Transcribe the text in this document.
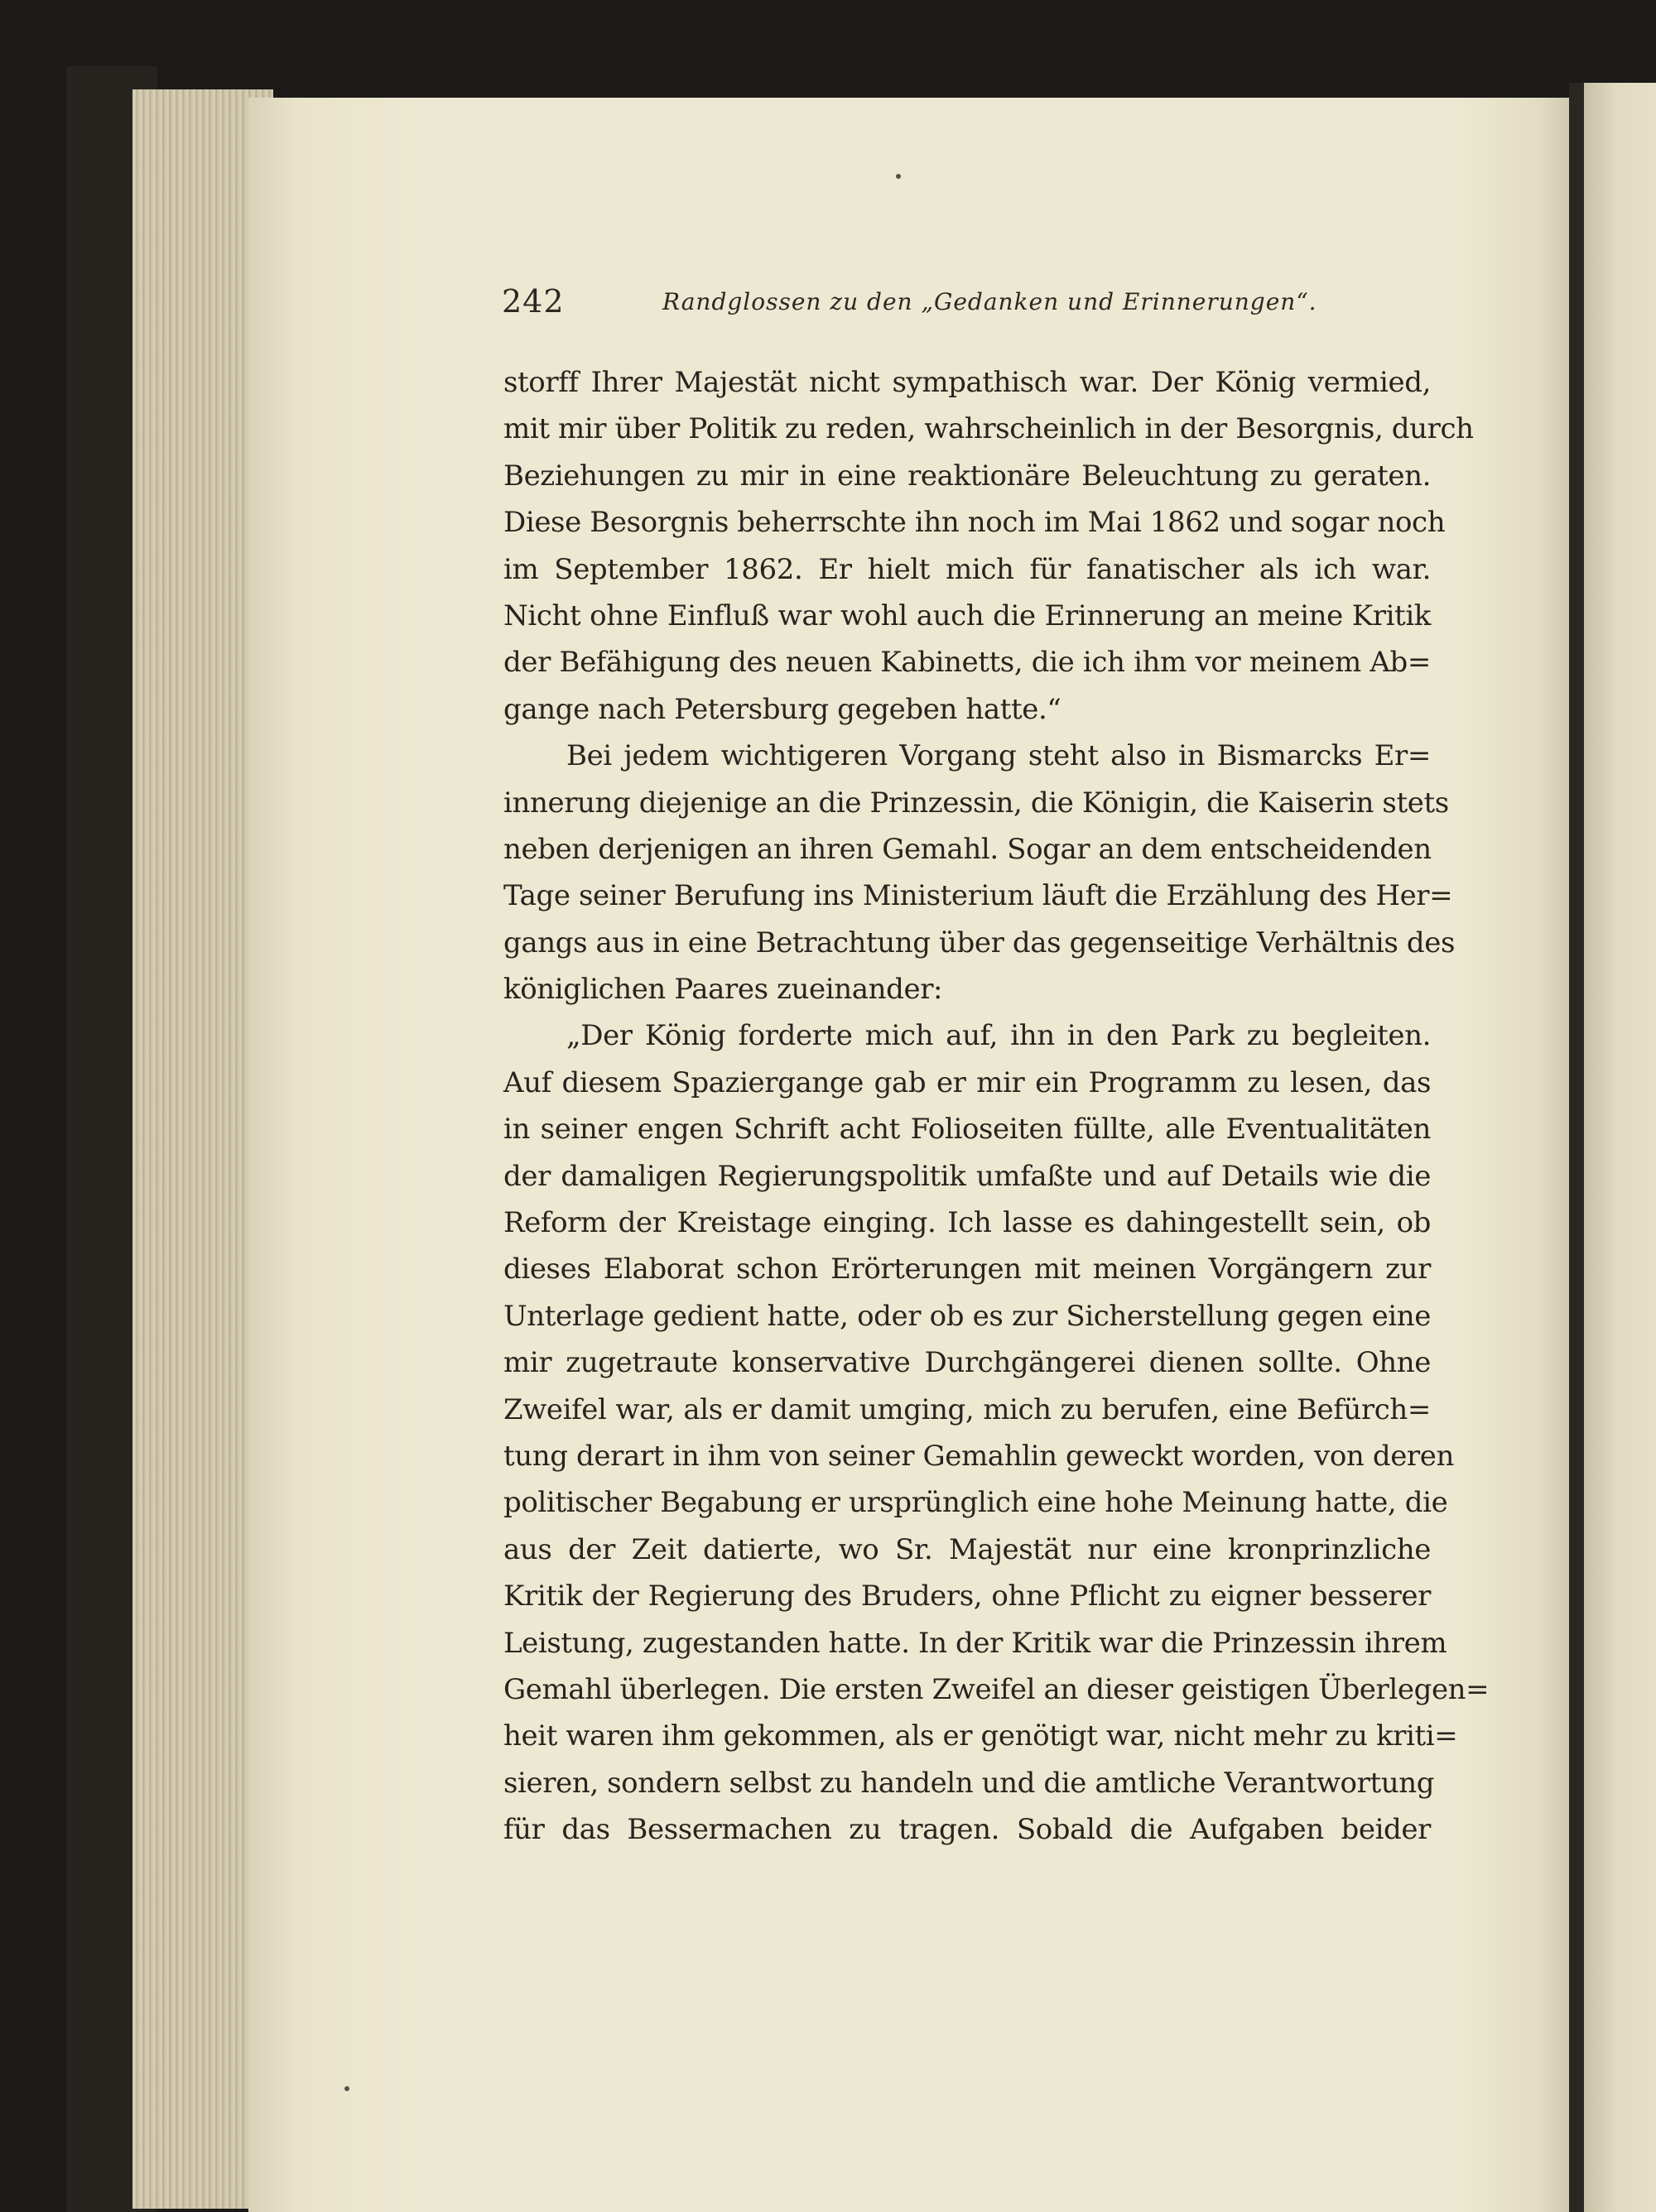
242	Randglossen zu den „Gedanken und Erinnerungen“.
storff Ihrer Majestät nicht sympathisch war. Der König vermied,
mit mir über Politik zu reden, wahrscheinlich in der Besorgnis, durch
Beziehungen zu mir in eine reaktionäre Beleuchtung zu geraten.
Diese Besorgnis beherrschte ihn noch im Mai 1862 und sogar noch
im September 1862. Er hielt mich für fanatischer als ich war.
Nicht ohne Einfluß war wohl auch die Erinnerung an meine Kritik
der Befähigung des neuen Kabinetts, die ich ihm vor meinem Ab=
gange nach Petersburg gegeben hatte.“
Bei jedem wichtigeren Vorgang steht also in Bismarcks Er=
innerung diejenige an die Prinzessin, die Königin, die Kaiserin stets
neben derjenigen an ihren Gemahl. Sogar an dem entscheidenden
Tage seiner Berufung ins Ministerium läuft die Erzählung des Her=
gangs aus in eine Betrachtung über das gegenseitige Verhältnis des
königlichen Paares zueinander:
„Der König forderte mich auf, ihn in den Park zu begleiten.
Auf diesem Spaziergange gab er mir ein Programm zu lesen, das
in seiner engen Schrift acht Folioseiten füllte, alle Eventualitäten
der damaligen Regierungspolitik umfaßte und auf Details wie die
Reform der Kreistage einging. Ich lasse es dahingestellt sein, ob
dieses Elaborat schon Erörterungen mit meinen Vorgängern zur
Unterlage gedient hatte, oder ob es zur Sicherstellung gegen eine
mir zugetraute konservative Durchgängerei dienen sollte. Ohne
Zweifel war, als er damit umging, mich zu berufen, eine Befürch=
tung derart in ihm von seiner Gemahlin geweckt worden, von deren
politischer Begabung er ursprünglich eine hohe Meinung hatte, die
aus der Zeit datierte, wo Sr. Majestät nur eine kronprinzliche
Kritik der Regierung des Bruders, ohne Pflicht zu eigner besserer
Leistung, zugestanden hatte. In der Kritik war die Prinzessin ihrem
Gemahl überlegen. Die ersten Zweifel an dieser geistigen Überlegen=
heit waren ihm gekommen, als er genötigt war, nicht mehr zu kriti=
sieren, sondern selbst zu handeln und die amtliche Verantwortung
für das Bessermachen zu tragen. Sobald die Aufgaben beider
